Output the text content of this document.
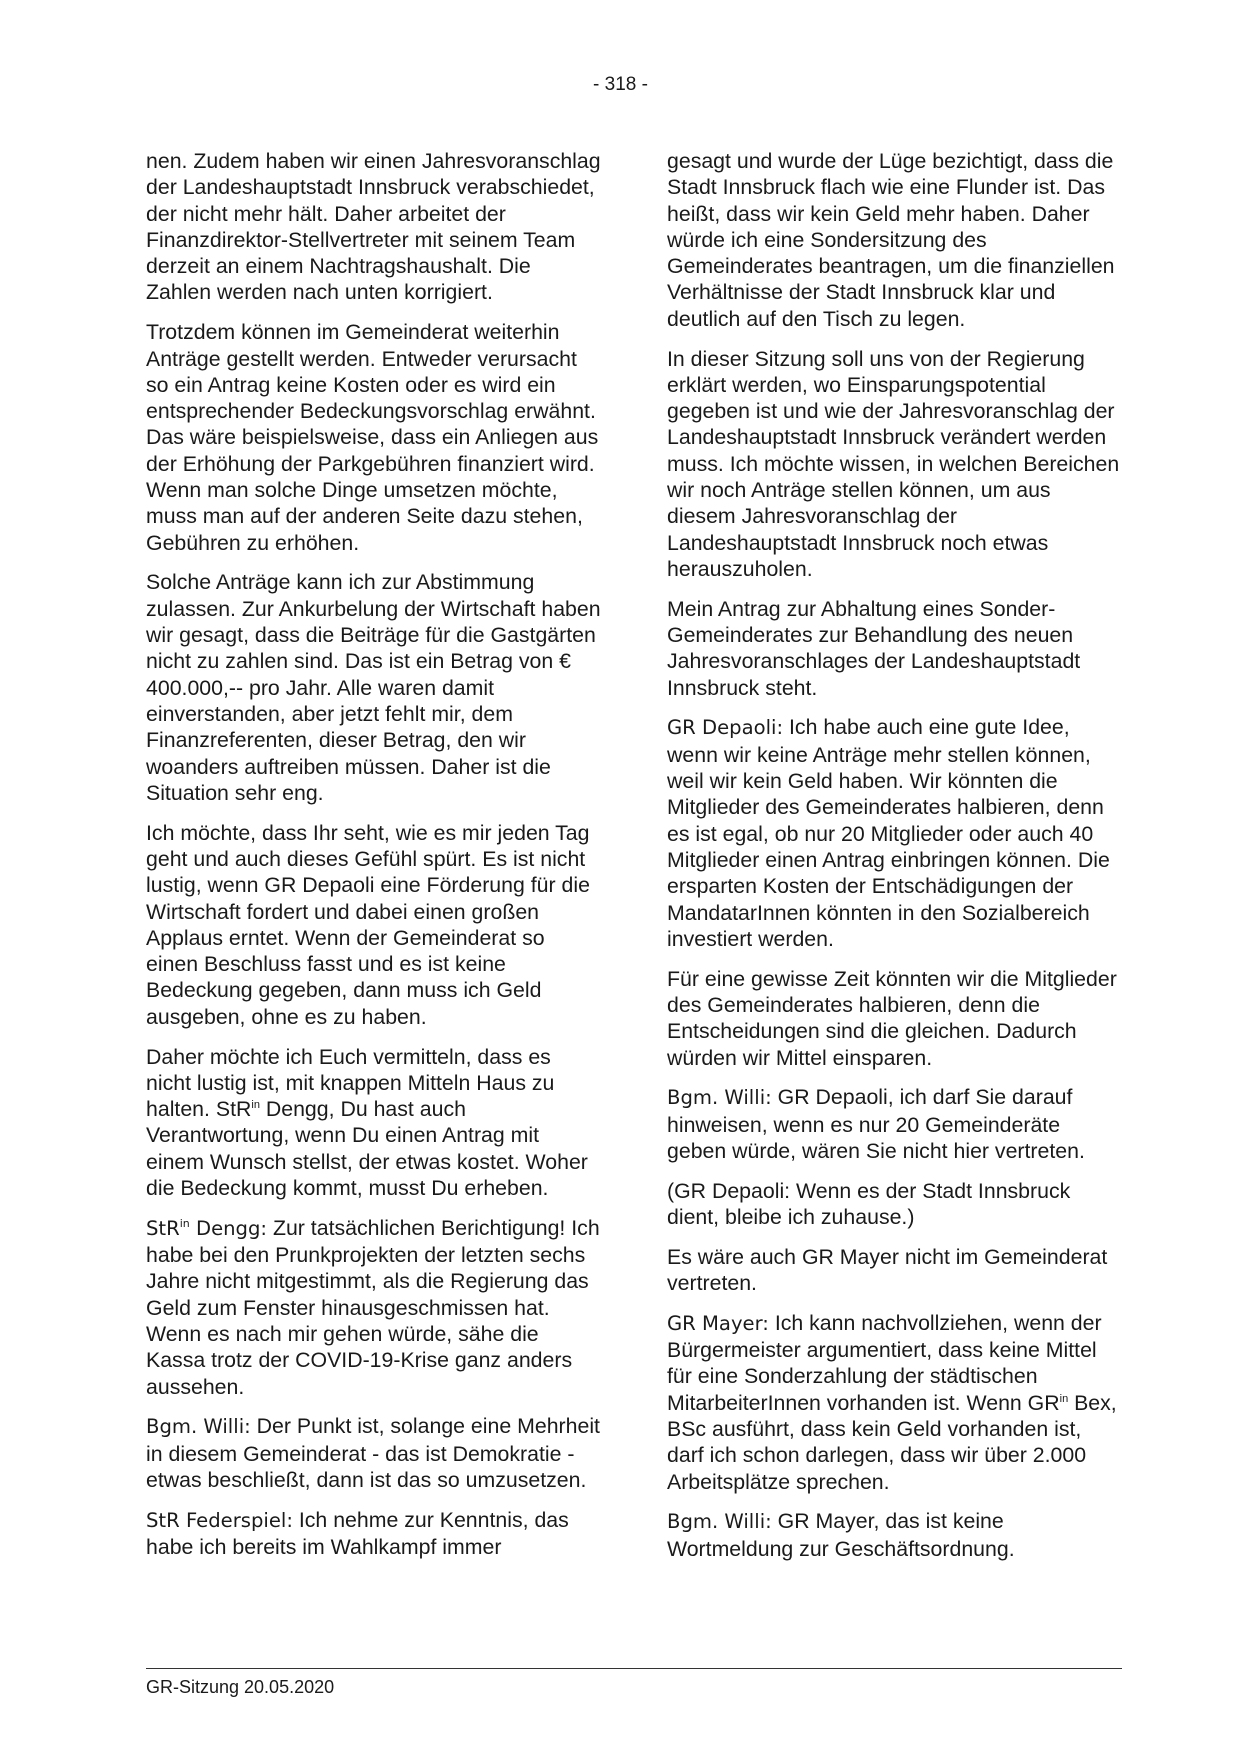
- 318 -

nen. Zudem haben wir einen Jahresvoranschlag der Landeshauptstadt Innsbruck verabschiedet, der nicht mehr hält. Daher arbeitet der Finanzdirektor-Stellvertreter mit seinem Team derzeit an einem Nachtragshaushalt. Die Zahlen werden nach unten korrigiert.

Trotzdem können im Gemeinderat weiterhin Anträge gestellt werden. Entweder verursacht so ein Antrag keine Kosten oder es wird ein entsprechender Bedeckungsvorschlag erwähnt. Das wäre beispielsweise, dass ein Anliegen aus der Erhöhung der Parkgebühren finanziert wird. Wenn man solche Dinge umsetzen möchte, muss man auf der anderen Seite dazu stehen, Gebühren zu erhöhen.

Solche Anträge kann ich zur Abstimmung zulassen. Zur Ankurbelung der Wirtschaft haben wir gesagt, dass die Beiträge für die Gastgärten nicht zu zahlen sind. Das ist ein Betrag von € 400.000,-- pro Jahr. Alle waren damit einverstanden, aber jetzt fehlt mir, dem Finanzreferenten, dieser Betrag, den wir woanders auftreiben müssen. Daher ist die Situation sehr eng.

Ich möchte, dass Ihr seht, wie es mir jeden Tag geht und auch dieses Gefühl spürt. Es ist nicht lustig, wenn GR Depaoli eine Förderung für die Wirtschaft fordert und dabei einen großen Applaus erntet. Wenn der Gemeinderat so einen Beschluss fasst und es ist keine Bedeckung gegeben, dann muss ich Geld ausgeben, ohne es zu haben.

Daher möchte ich Euch vermitteln, dass es nicht lustig ist, mit knappen Mitteln Haus zu halten. StR$^{in}$ Dengg, Du hast auch Verantwortung, wenn Du einen Antrag mit einem Wunsch stellst, der etwas kostet. Woher die Bedeckung kommt, musst Du erheben.

StR$^{in}$ Dengg: Zur tatsächlichen Berichtigung! Ich habe bei den Prunkprojekten der letzten sechs Jahre nicht mitgestimmt, als die Regierung das Geld zum Fenster hinausgeschmissen hat. Wenn es nach mir gehen würde, sähe die Kassa trotz der COVID-19-Krise ganz anders aussehen.

Bgm. Willi: Der Punkt ist, solange eine Mehrheit in diesem Gemeinderat - das ist Demokratie - etwas beschließt, dann ist das so umzusetzen.

StR Federspiel: Ich nehme zur Kenntnis, das habe ich bereits im Wahlkampf immer

gesagt und wurde der Lüge bezichtigt, dass die Stadt Innsbruck flach wie eine Flunder ist. Das heißt, dass wir kein Geld mehr haben. Daher würde ich eine Sondersitzung des Gemeinderates beantragen, um die finanziellen Verhältnisse der Stadt Innsbruck klar und deutlich auf den Tisch zu legen.

In dieser Sitzung soll uns von der Regierung erklärt werden, wo Einsparungspotential gegeben ist und wie der Jahresvoranschlag der Landeshauptstadt Innsbruck verändert werden muss. Ich möchte wissen, in welchen Bereichen wir noch Anträge stellen können, um aus diesem Jahresvoranschlag der Landeshauptstadt Innsbruck noch etwas herauszuholen.

Mein Antrag zur Abhaltung eines Sonder-Gemeinderates zur Behandlung des neuen Jahresvoranschlages der Landeshauptstadt Innsbruck steht.

GR Depaoli: Ich habe auch eine gute Idee, wenn wir keine Anträge mehr stellen können, weil wir kein Geld haben. Wir könnten die Mitglieder des Gemeinderates halbieren, denn es ist egal, ob nur 20 Mitglieder oder auch 40 Mitglieder einen Antrag einbringen können. Die ersparten Kosten der Entschädigungen der MandatarInnen könnten in den Sozialbereich investiert werden.

Für eine gewisse Zeit könnten wir die Mitglieder des Gemeinderates halbieren, denn die Entscheidungen sind die gleichen. Dadurch würden wir Mittel einsparen.

Bgm. Willi: GR Depaoli, ich darf Sie darauf hinweisen, wenn es nur 20 Gemeinderäte geben würde, wären Sie nicht hier vertreten.

(GR Depaoli: Wenn es der Stadt Innsbruck dient, bleibe ich zuhause.)

Es wäre auch GR Mayer nicht im Gemeinderat vertreten.

GR Mayer: Ich kann nachvollziehen, wenn der Bürgermeister argumentiert, dass keine Mittel für eine Sonderzahlung der städtischen MitarbeiterInnen vorhanden ist. Wenn $GR^{in}$ Bex, BSc ausführt, dass kein Geld vorhanden ist, darf ich schon darlegen, dass wir über 2.000 Arbeitsplätze sprechen.

Bgm. Willi: GR Mayer, das ist keine Wortmeldung zur Geschäftsordnung.

GR-Sitzung 20.05.2020
